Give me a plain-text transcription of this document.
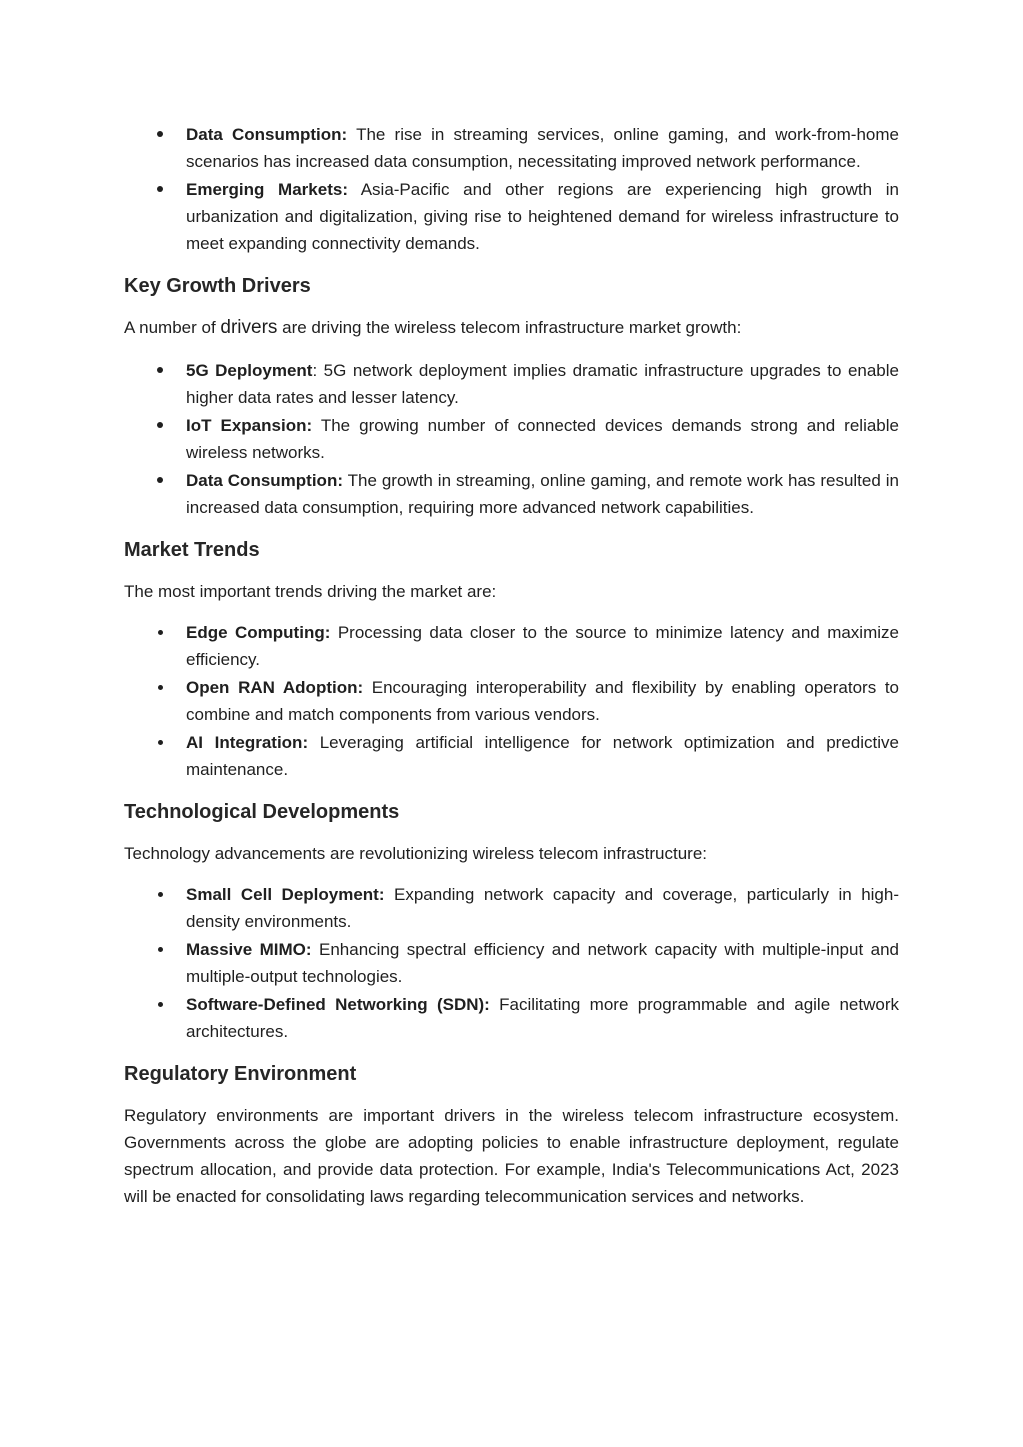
Data Consumption: The rise in streaming services, online gaming, and work-from-home scenarios has increased data consumption, necessitating improved network performance.
Emerging Markets: Asia-Pacific and other regions are experiencing high growth in urbanization and digitalization, giving rise to heightened demand for wireless infrastructure to meet expanding connectivity demands.
Key Growth Drivers

A number of drivers are driving the wireless telecom infrastructure market growth:

5G Deployment: 5G network deployment implies dramatic infrastructure upgrades to enable higher data rates and lesser latency.
IoT Expansion: The growing number of connected devices demands strong and reliable wireless networks.
Data Consumption: The growth in streaming, online gaming, and remote work has resulted in increased data consumption, requiring more advanced network capabilities.
Market Trends

The most important trends driving the market are:

Edge Computing: Processing data closer to the source to minimize latency and maximize efficiency.
Open RAN Adoption: Encouraging interoperability and flexibility by enabling operators to combine and match components from various vendors.
AI Integration: Leveraging artificial intelligence for network optimization and predictive maintenance.
Technological Developments

Technology advancements are revolutionizing wireless telecom infrastructure:

Small Cell Deployment: Expanding network capacity and coverage, particularly in high-density environments.
Massive MIMO: Enhancing spectral efficiency and network capacity with multiple-input and multiple-output technologies.
Software-Defined Networking (SDN): Facilitating more programmable and agile network architectures.
Regulatory Environment

Regulatory environments are important drivers in the wireless telecom infrastructure ecosystem. Governments across the globe are adopting policies to enable infrastructure deployment, regulate spectrum allocation, and provide data protection. For example, India's Telecommunications Act, 2023 will be enacted for consolidating laws regarding telecommunication services and networks.
